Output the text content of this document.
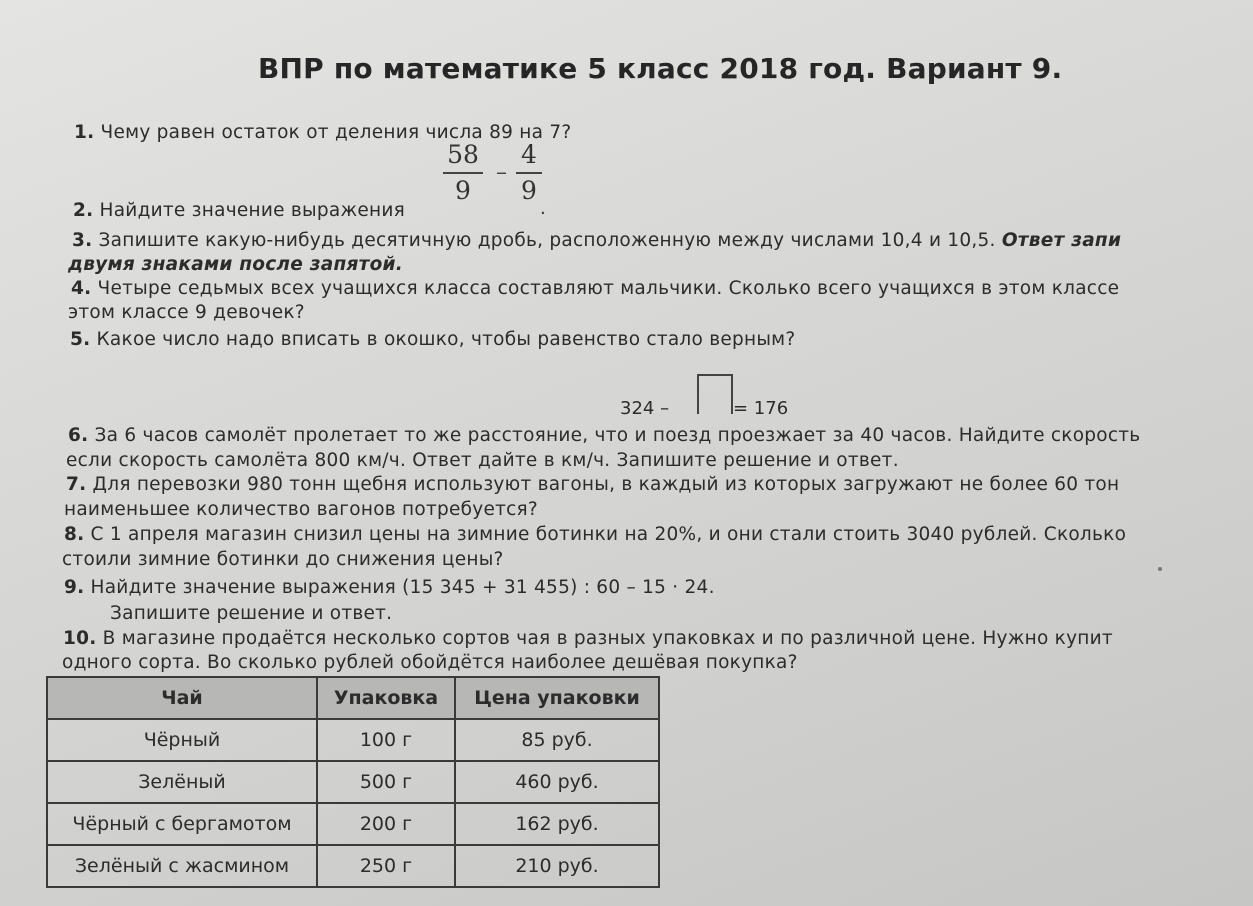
ВПР по математике 5 класс 2018 год. Вариант 9.
1. Чему равен остаток от деления числа 89 на 7?
2. Найдите значение выражения
58
9
–
4
9
.
3. Запишите какую-нибудь десятичную дробь, расположенную между числами 10,4 и 10,5. Ответ запи
двумя знаками после запятой.
4. Четыре седьмых всех учащихся класса составляют мальчики. Сколько всего учащихся в этом классе
этом классе 9 девочек?
5. Какое число надо вписать в окошко, чтобы равенство стало верным?
324 –	= 176
6. За 6 часов самолёт пролетает то же расстояние, что и поезд проезжает за 40 часов. Найдите скорость
если скорость самолёта 800 км/ч. Ответ дайте в км/ч. Запишите решение и ответ.
7. Для перевозки 980 тонн щебня используют вагоны, в каждый из которых загружают не более 60 тон
наименьшее количество вагонов потребуется?
8. С 1 апреля магазин снизил цены на зимние ботинки на 20%, и они стали стоить 3040 рублей. Сколько
стоили зимние ботинки до снижения цены?
9. Найдите значение выражения (15 345 + 31 455) : 60 – 15 · 24.
Запишите решение и ответ.
10. В магазине продаётся несколько сортов чая в разных упаковках и по различной цене. Нужно купит
одного сорта. Во сколько рублей обойдётся наиболее дешёвая покупка?
Чай	Упаковка	Цена упаковки
Чёрный	100 г	85 руб.
Зелёный	500 г	460 руб.
Чёрный с бергамотом	200 г	162 руб.
Зелёный с жасмином	250 г	210 руб.
